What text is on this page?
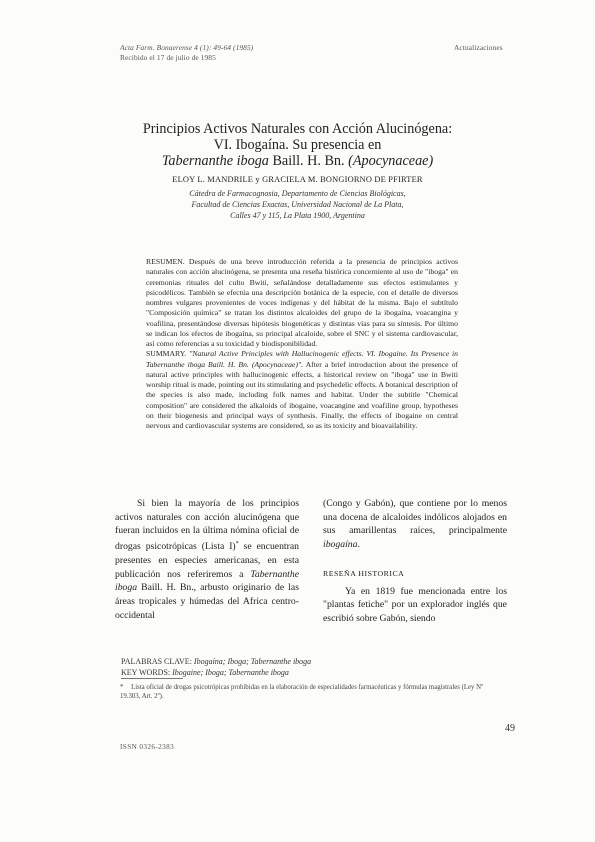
Acta Farm. Bonaerense 4 (1): 49-64 (1985)
Recibido el 17 de julio de 1985
Actualizaciones
Principios Activos Naturales con Acción Alucinógena:
VI. Ibogaína. Su presencia en
Tabernanthe iboga Baill. H. Bn. (Apocynaceae)
ELOY L. MANDRILE y GRACIELA M. BONGIORNO DE PFIRTER
Cátedra de Farmacognosia, Departamento de Ciencias Biológicas,
Facultad de Ciencias Exactas, Universidad Nacional de La Plata,
Calles 47 y 115, La Plata 1900, Argentina

RESUMEN. Después de una breve introducción referida a la presencia de principios activos naturales con acción alucinógena, se presenta una reseña histórica concerniente al uso de "iboga" en ceremonias rituales del culto Bwiti, señalándose detalladamente sus efectos estimulantes y psicodélicos. También se efectúa una descripción botánica de la especie, con el detalle de diversos nombres vulgares provenientes de voces indígenas y del hábitat de la misma. Bajo el subtítulo "Composición química" se tratan los distintos alcaloides del grupo de la ibogaína, voacangina y voafilina, presentándose diversas hipótesis biogenéticas y distintas vías para su síntesis. Por último se indican los efectos de ibogaína, su principal alcaloide, sobre el SNC y el sistema cardiovascular, así como referencias a su toxicidad y biodisponibilidad.

SUMMARY. "Natural Active Principles with Hallucinogenic effects. VI. Ibogaine. Its Presence in Tabernanthe iboga Baill. H. Bn. (Apocynaceae)". After a brief introduction about the presence of natural active principles with hallucinogenic effects, a historical review on "iboga" use in Bwiti worship ritual is made, pointing out its stimulating and psychedelic effects. A botanical description of the species is also made, including folk names and habitat. Under the subtitle "Chemical composition" are considered the alkaloids of ibogaine, voacangine and voafiline group, hypotheses on their biogenesis and principal ways of synthesis. Finally, the effects of ibogaine on central nervous and cardiovascular systems are considered, so as its toxicity and bioavailability.

Si bien la mayoría de los principios activos naturales con acción alucinógena que fueran incluidos en la última nómina oficial de drogas psicotrópicas (Lista I)* se encuentran presentes en especies americanas, en esta publicación nos referiremos a Tabernanthe iboga Baill. H. Bn., arbusto originario de las áreas tropicales y húmedas del Africa centro-occidental

(Congo y Gabón), que contiene por lo menos una docena de alcaloides indólicos alojados en sus amarillentas raíces, principalmente ibogaína.

RESEÑA HISTORICA

Ya en 1819 fue mencionada entre los "plantas fetiche" por un explorador inglés que escribió sobre Gabón, siendo

PALABRAS CLAVE: Ibogaína; Iboga; Tabernanthe iboga
KEY WORDS: Ibogaine; Iboga; Tabernanthe iboga
* Lista oficial de drogas psicotrópicas prohibidas en la elaboración de especialidades farmacéuticas y fórmulas magistrales (Ley Nº 19.303, Art. 2º).
ISSN 0326-2383
49
